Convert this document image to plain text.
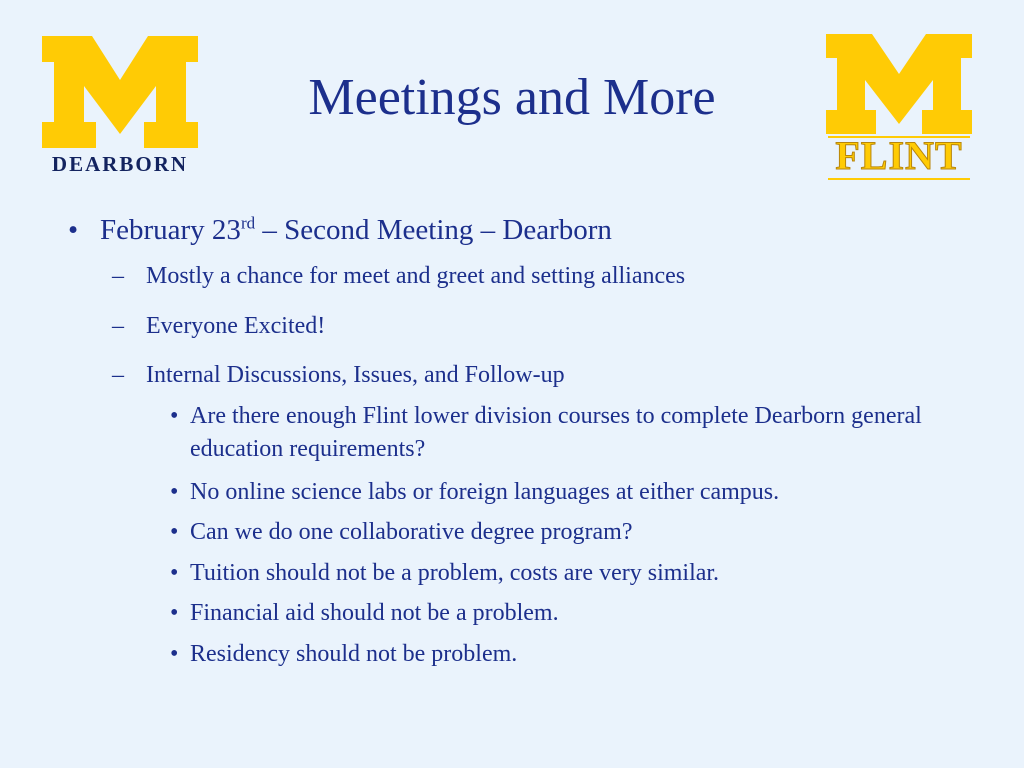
DEARBORN
Meetings and More
FLINT
• February 23rd – Second Meeting – Dearborn
– Mostly a chance for meet and greet and setting alliances
– Everyone Excited!
– Internal Discussions, Issues, and Follow-up
• Are there enough Flint lower division courses to complete Dearborn general education requirements?
• No online science labs or foreign languages at either campus.
• Can we do one collaborative degree program?
• Tuition should not be a problem, costs are very similar.
• Financial aid should not be a problem.
• Residency should not be problem.
